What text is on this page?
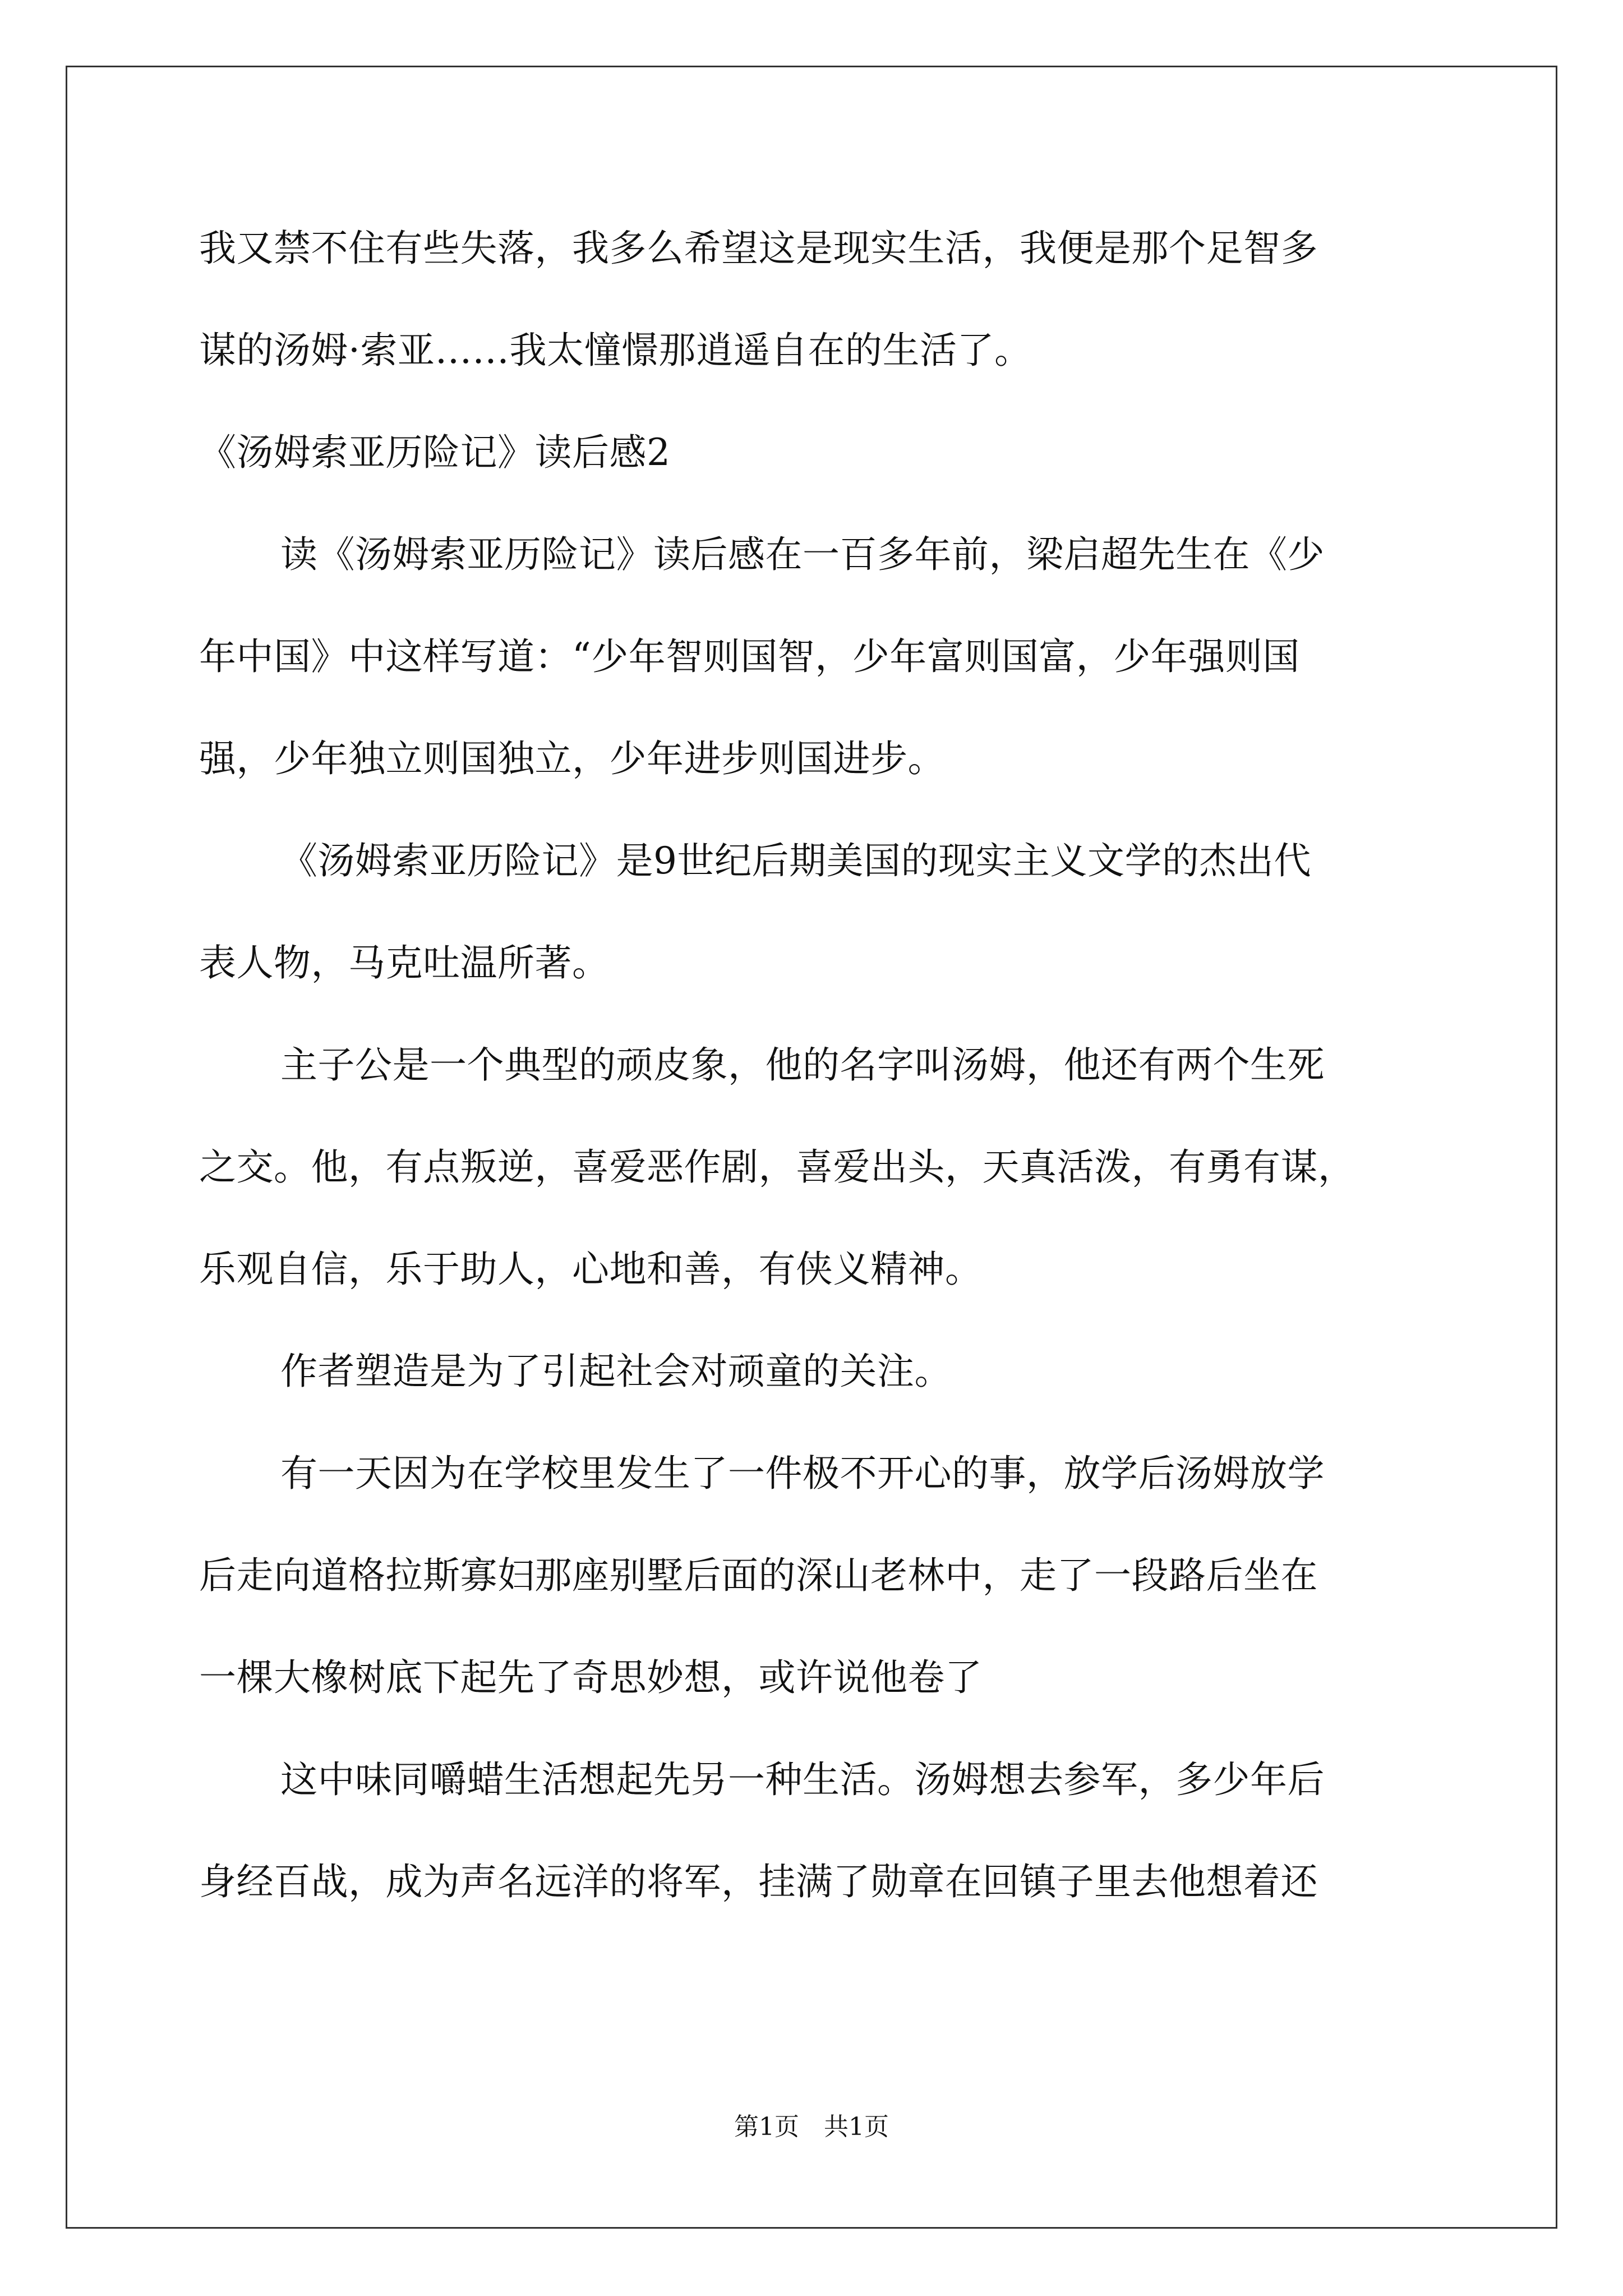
我又禁不住有些失落，我多么希望这是现实生活，我便是那个足智多
谋的汤姆·索亚……我太憧憬那逍遥自在的生活了。
《汤姆索亚历险记》读后感2
读《汤姆索亚历险记》读后感在一百多年前，梁启超先生在《少
年中国》中这样写道：“少年智则国智，少年富则国富，少年强则国
强，少年独立则国独立，少年进步则国进步。
《汤姆索亚历险记》是9世纪后期美国的现实主义文学的杰出代
表人物，马克吐温所著。
主子公是一个典型的顽皮象，他的名字叫汤姆，他还有两个生死
之交。他，有点叛逆，喜爱恶作剧，喜爱出头，天真活泼，有勇有谋，
乐观自信，乐于助人，心地和善，有侠义精神。
作者塑造是为了引起社会对顽童的关注。
有一天因为在学校里发生了一件极不开心的事，放学后汤姆放学
后走向道格拉斯寡妇那座别墅后面的深山老林中，走了一段路后坐在
一棵大橡树底下起先了奇思妙想，或许说他卷了
这中味同嚼蜡生活想起先另一种生活。汤姆想去参军，多少年后
身经百战，成为声名远洋的将军，挂满了勋章在回镇子里去他想着还
第1页　共1页
